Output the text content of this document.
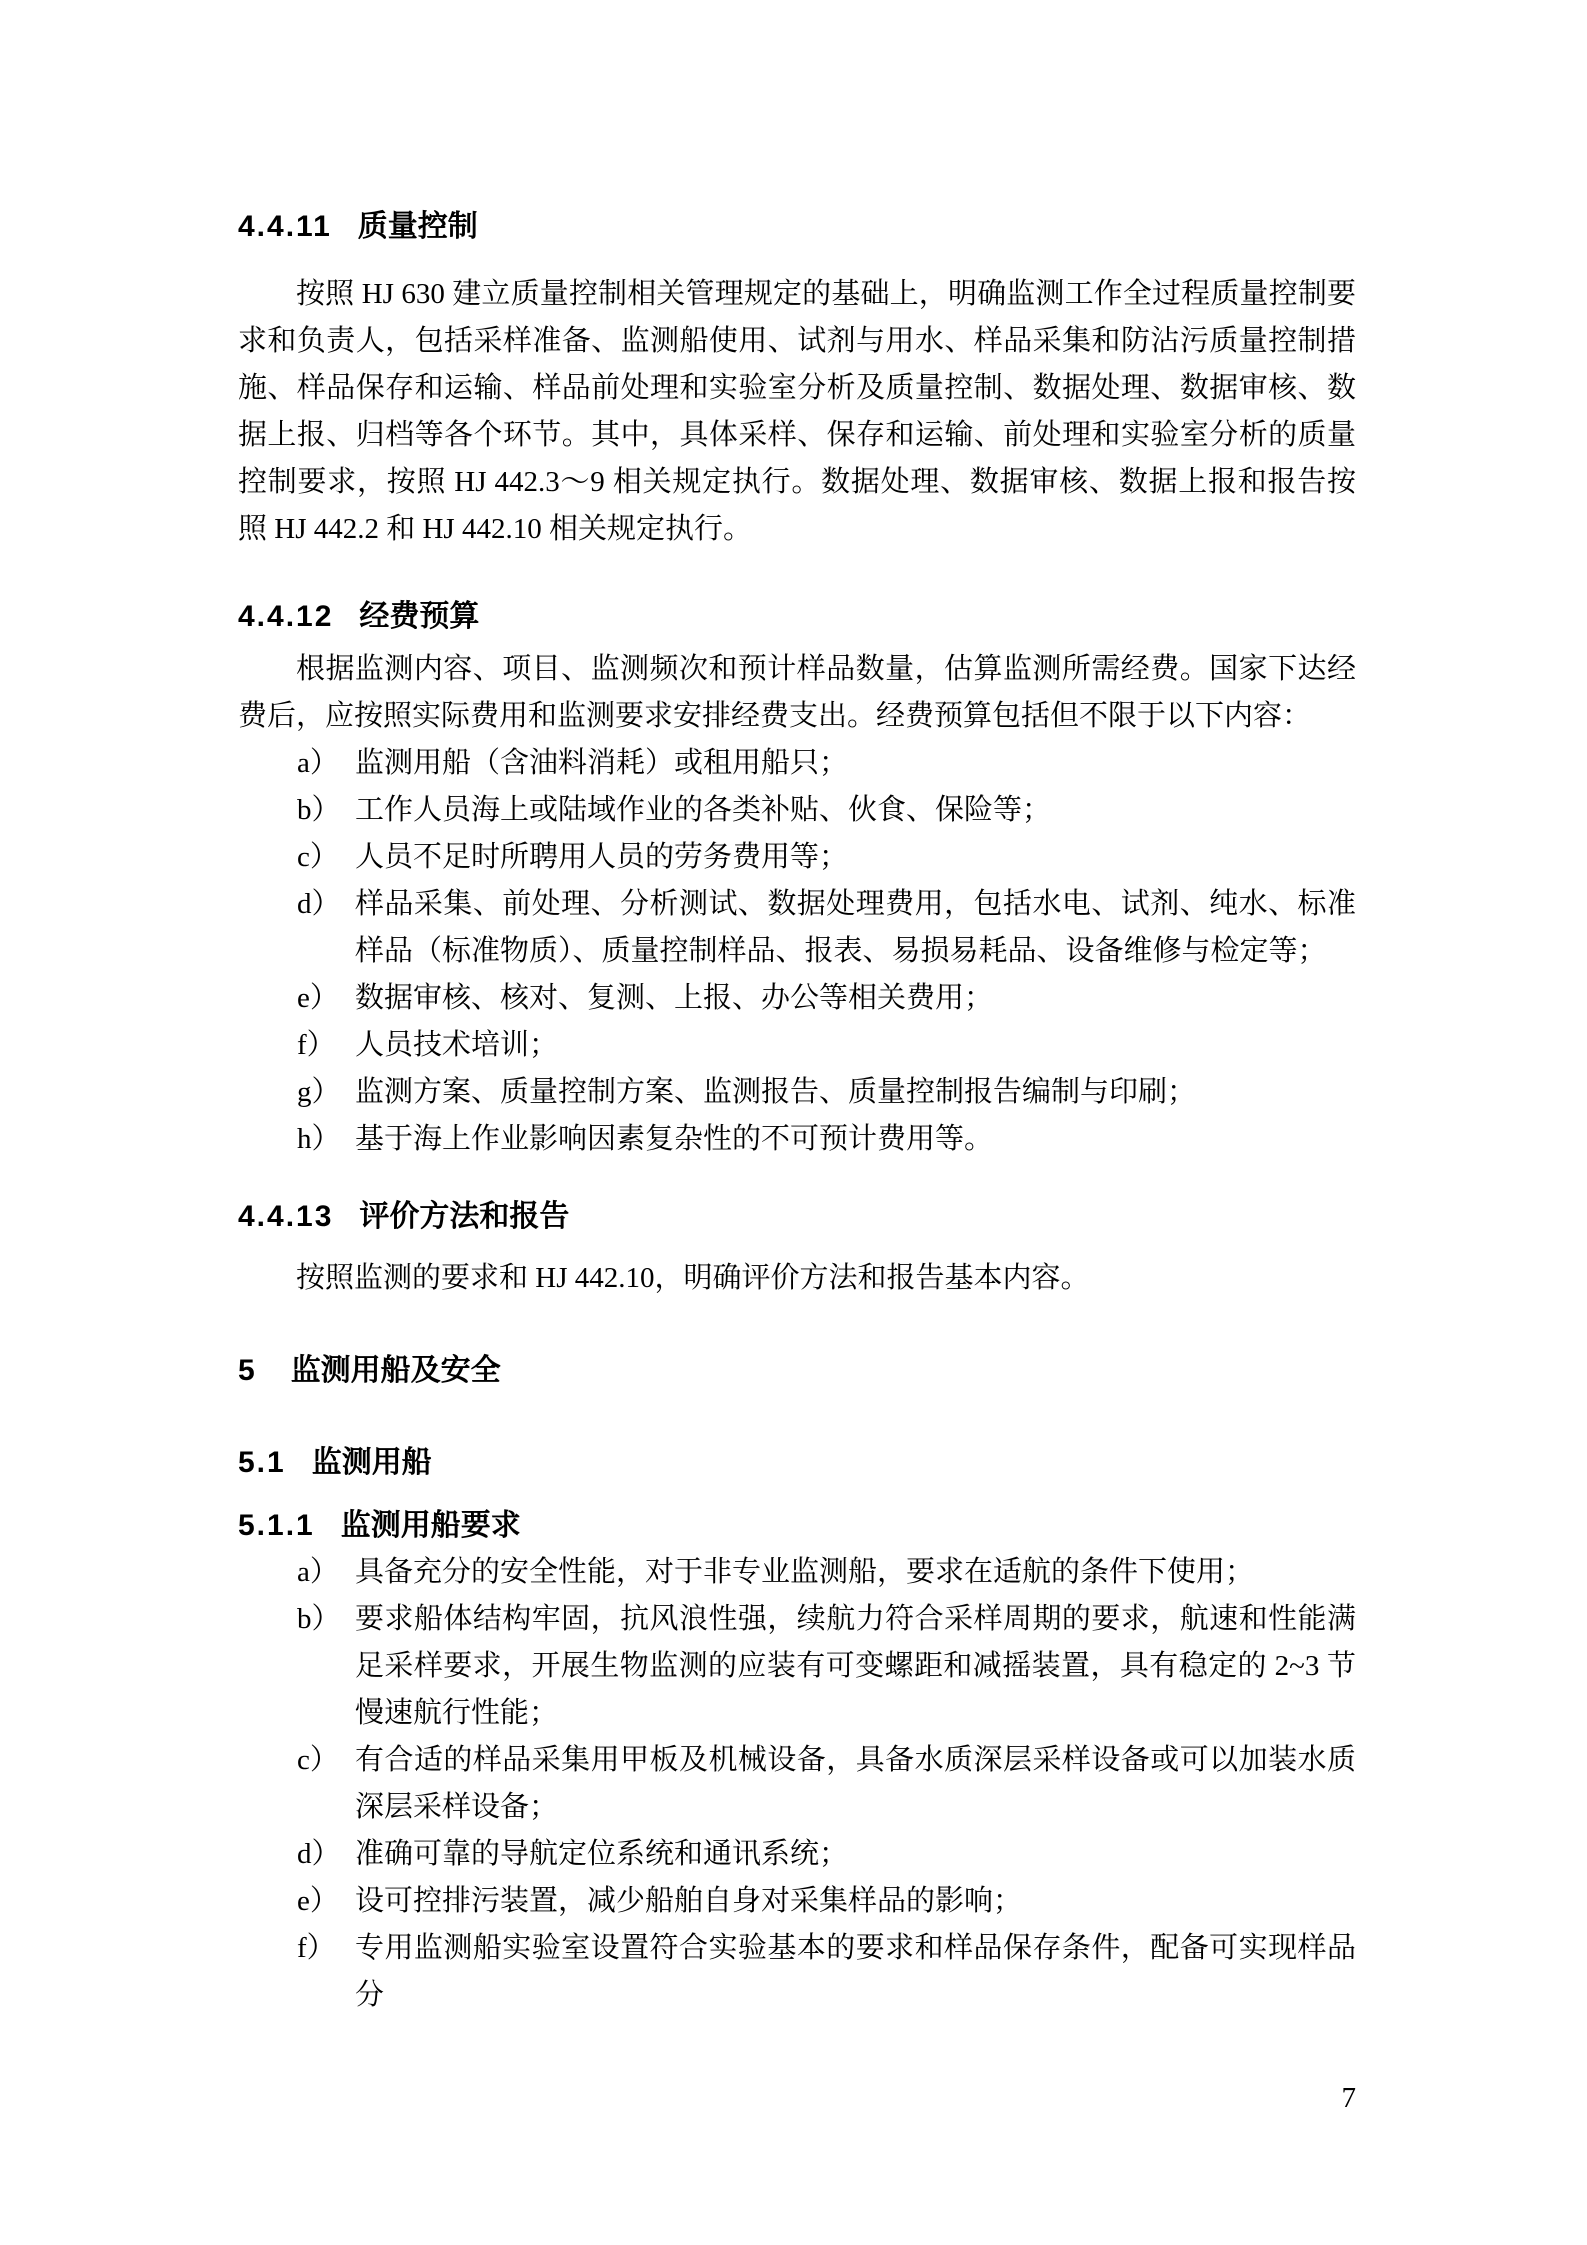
4.4.11 质量控制

按照 HJ 630 建立质量控制相关管理规定的基础上，明确监测工作全过程质量控制要求和负责人，包括采样准备、监测船使用、试剂与用水、样品采集和防沾污质量控制措施、样品保存和运输、样品前处理和实验室分析及质量控制、数据处理、数据审核、数据上报、归档等各个环节。其中，具体采样、保存和运输、前处理和实验室分析的质量控制要求，按照 HJ 442.3～9 相关规定执行。数据处理、数据审核、数据上报和报告按照 HJ 442.2 和 HJ 442.10 相关规定执行。

4.4.12 经费预算

根据监测内容、项目、监测频次和预计样品数量，估算监测所需经费。国家下达经费后，应按照实际费用和监测要求安排经费支出。经费预算包括但不限于以下内容：

a） 监测用船（含油料消耗）或租用船只；
b） 工作人员海上或陆域作业的各类补贴、伙食、保险等；
c） 人员不足时所聘用人员的劳务费用等；
d） 样品采集、前处理、分析测试、数据处理费用，包括水电、试剂、纯水、标准样品（标准物质）、质量控制样品、报表、易损易耗品、设备维修与检定等；
e） 数据审核、核对、复测、上报、办公等相关费用；
f） 人员技术培训；
g） 监测方案、质量控制方案、监测报告、质量控制报告编制与印刷；
h） 基于海上作业影响因素复杂性的不可预计费用等。
4.4.13 评价方法和报告

按照监测的要求和 HJ 442.10，明确评价方法和报告基本内容。

5 监测用船及安全
5.1 监测用船
5.1.1 监测用船要求
a） 具备充分的安全性能，对于非专业监测船，要求在适航的条件下使用；
b） 要求船体结构牢固，抗风浪性强，续航力符合采样周期的要求，航速和性能满足采样要求，开展生物监测的应装有可变螺距和减摇装置，具有稳定的 2~3 节慢速航行性能；
c） 有合适的样品采集用甲板及机械设备，具备水质深层采样设备或可以加装水质深层采样设备；
d） 准确可靠的导航定位系统和通讯系统；
e） 设可控排污装置，减少船舶自身对采集样品的影响；
f） 专用监测船实验室设置符合实验基本的要求和样品保存条件，配备可实现样品分
7
